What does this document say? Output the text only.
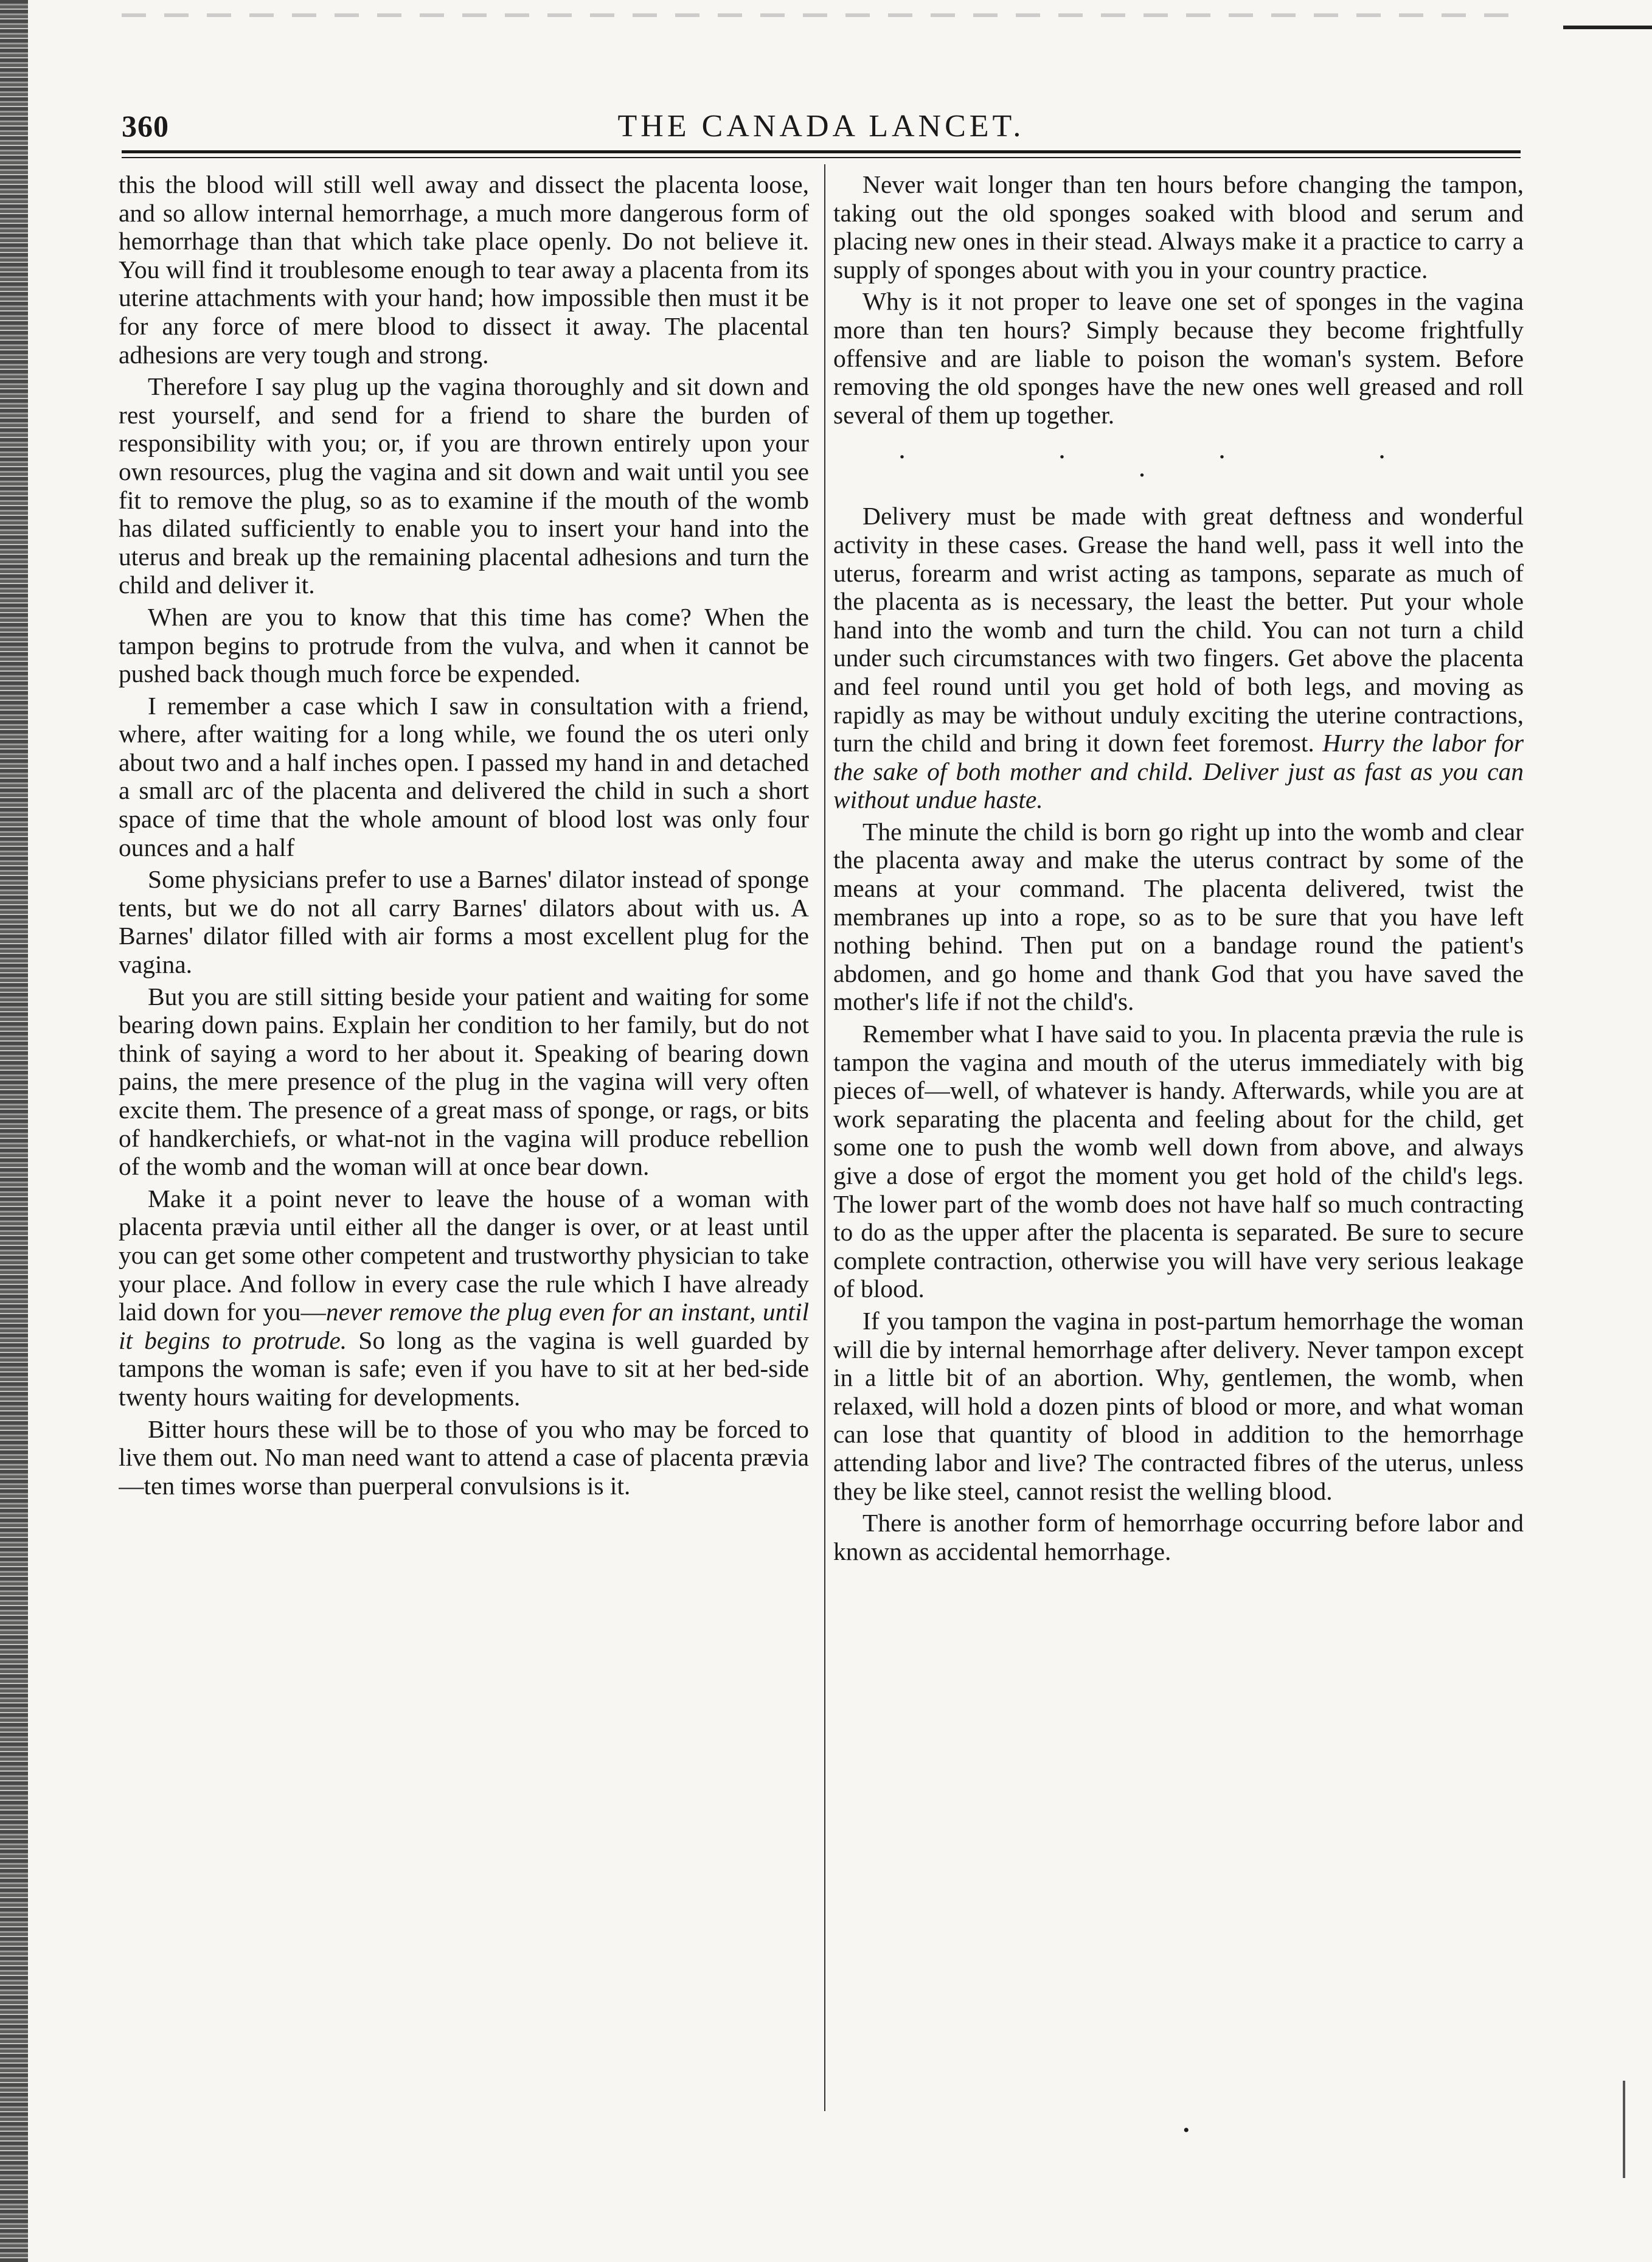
360	THE CANADA LANCET.

this the blood will still well away and dissect the placenta loose, and so allow internal hemorrhage, a much more dangerous form of hemorrhage than that which take place openly. Do not believe it. You will find it troublesome enough to tear away a placenta from its uterine attachments with your hand; how impossible then must it be for any force of mere blood to dissect it away. The placental adhesions are very tough and strong.

Therefore I say plug up the vagina thoroughly and sit down and rest yourself, and send for a friend to share the burden of responsibility with you; or, if you are thrown entirely upon your own resources, plug the vagina and sit down and wait until you see fit to remove the plug, so as to examine if the mouth of the womb has dilated sufficiently to enable you to insert your hand into the uterus and break up the remaining placental adhesions and turn the child and deliver it.

When are you to know that this time has come? When the tampon begins to protrude from the vulva, and when it cannot be pushed back though much force be expended.

I remember a case which I saw in consultation with a friend, where, after waiting for a long while, we found the os uteri only about two and a half inches open. I passed my hand in and detached a small arc of the placenta and delivered the child in such a short space of time that the whole amount of blood lost was only four ounces and a half

Some physicians prefer to use a Barnes' dilator instead of sponge tents, but we do not all carry Barnes' dilators about with us. A Barnes' dilator filled with air forms a most excellent plug for the vagina.

But you are still sitting beside your patient and waiting for some bearing down pains. Explain her condition to her family, but do not think of saying a word to her about it. Speaking of bearing down pains, the mere presence of the plug in the vagina will very often excite them. The presence of a great mass of sponge, or rags, or bits of handkerchiefs, or what-not in the vagina will produce rebellion of the womb and the woman will at once bear down.

Make it a point never to leave the house of a woman with placenta prævia until either all the danger is over, or at least until you can get some other competent and trustworthy physician to take your place. And follow in every case the rule which I have already laid down for you—never remove the plug even for an instant, until it begins to protrude. So long as the vagina is well guarded by tampons the woman is safe; even if you have to sit at her bed-side twenty hours waiting for developments.

Bitter hours these will be to those of you who may be forced to live them out. No man need want to attend a case of placenta prævia—ten times worse than puerperal convulsions is it.

Never wait longer than ten hours before changing the tampon, taking out the old sponges soaked with blood and serum and placing new ones in their stead. Always make it a practice to carry a supply of sponges about with you in your country practice.

Why is it not proper to leave one set of sponges in the vagina more than ten hours? Simply because they become frightfully offensive and are liable to poison the woman's system. Before removing the old sponges have the new ones well greased and roll several of them up together.

. . . . .

Delivery must be made with great deftness and wonderful activity in these cases. Grease the hand well, pass it well into the uterus, forearm and wrist acting as tampons, separate as much of the placenta as is necessary, the least the better. Put your whole hand into the womb and turn the child. You can not turn a child under such circumstances with two fingers. Get above the placenta and feel round until you get hold of both legs, and moving as rapidly as may be without unduly exciting the uterine contractions, turn the child and bring it down feet foremost. Hurry the labor for the sake of both mother and child. Deliver just as fast as you can without undue haste.

The minute the child is born go right up into the womb and clear the placenta away and make the uterus contract by some of the means at your command. The placenta delivered, twist the membranes up into a rope, so as to be sure that you have left nothing behind. Then put on a bandage round the patient's abdomen, and go home and thank God that you have saved the mother's life if not the child's.

Remember what I have said to you. In placenta prævia the rule is tampon the vagina and mouth of the uterus immediately with big pieces of—well, of whatever is handy. Afterwards, while you are at work separating the placenta and feeling about for the child, get some one to push the womb well down from above, and always give a dose of ergot the moment you get hold of the child's legs. The lower part of the womb does not have half so much contracting to do as the upper after the placenta is separated. Be sure to secure complete contraction, otherwise you will have very serious leakage of blood.

If you tampon the vagina in post-partum hemorrhage the woman will die by internal hemorrhage after delivery. Never tampon except in a little bit of an abortion. Why, gentlemen, the womb, when relaxed, will hold a dozen pints of blood or more, and what woman can lose that quantity of blood in addition to the hemorrhage attending labor and live? The contracted fibres of the uterus, unless they be like steel, cannot resist the welling blood.

There is another form of hemorrhage occurring before labor and known as accidental hemorrhage.

•
